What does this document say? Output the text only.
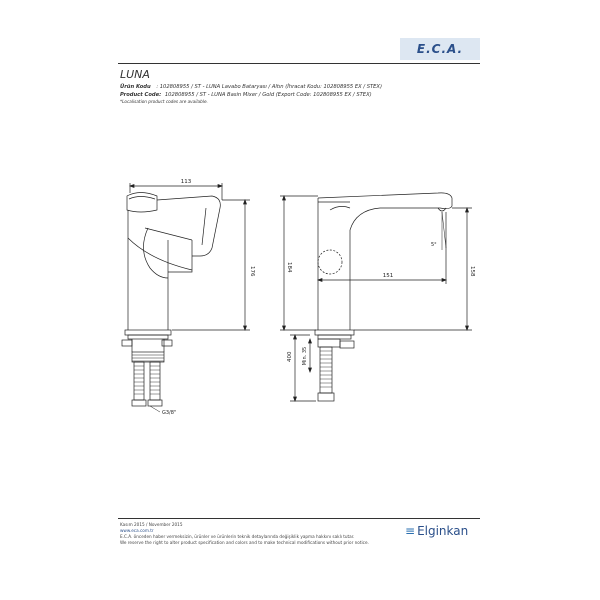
E.C.A.
LUNA
Ürün Kodu : 102808955 / ST - LUNA Lavabo Bataryası / Altın (İhracat Kodu: 102808955 EX / STEX)
Product Code: 102808955 / ST - LUNA Basin Mixer / Gold (Export Code: 102808955 EX / STEX)
*Localisation product codes are available.
113
G3/8"
176	184
151
5°
158
400 Min. 35
Kasım 2015 / November 2015
www.eca.com.tr
E.C.A. önceden haber vermeksizin, ürünler ve ürünlerin teknik detaylarında değişiklik yapma hakkını saklı tutar.
We reserve the right to alter product specification and colors and to make technical modifications without prior notice.
≡ Elginkan
